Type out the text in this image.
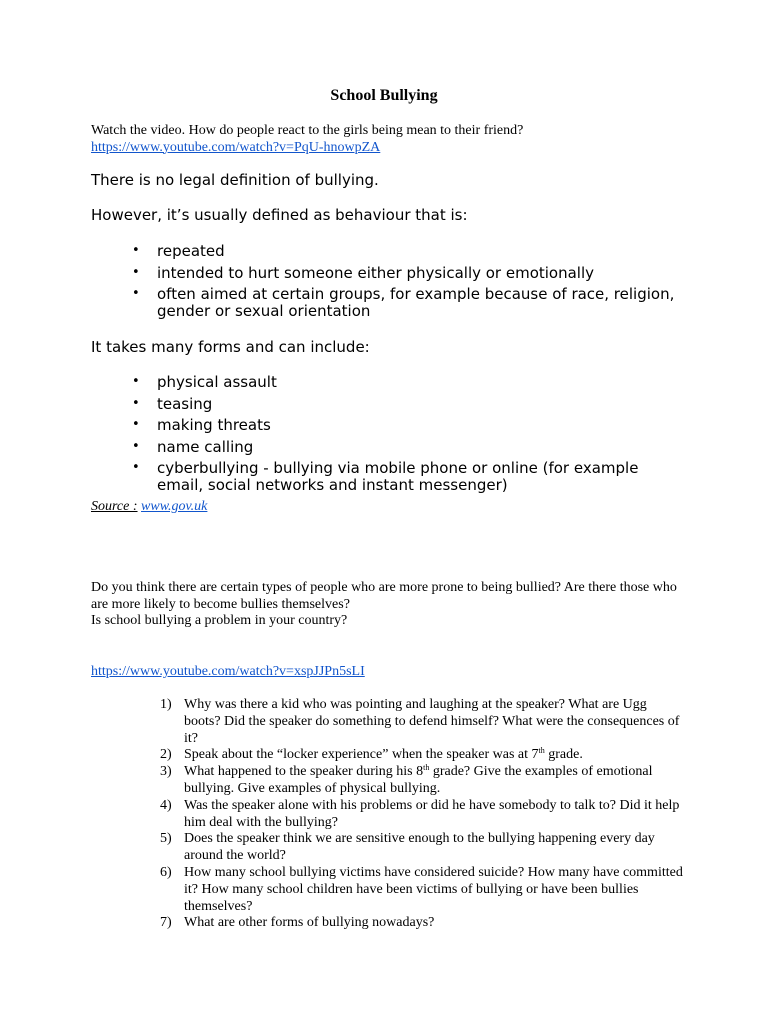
School Bullying

Watch the video. How do people react to the girls being mean to their friend?

https://www.youtube.com/watch?v=PqU-hnowpZA

There is no legal definition of bullying.

However, it’s usually defined as behaviour that is:

• repeated
• intended to hurt someone either physically or emotionally
• often aimed at certain groups, for example because of race, religion, gender or sexual orientation

It takes many forms and can include:

• physical assault
• teasing
• making threats
• name calling
• cyberbullying - bullying via mobile phone or online (for example email, social networks and instant messenger)
Source : www.gov.uk

Do you think there are certain types of people who are more prone to being bullied? Are there those who are more likely to become bullies themselves?

Is school bullying a problem in your country?

https://www.youtube.com/watch?v=xspJJPn5sLI

1) Why was there a kid who was pointing and laughing at the speaker? What are Ugg boots? Did the speaker do something to defend himself? What were the consequences of it?
2) Speak about the “locker experience” when the speaker was at 7th grade.
3) What happened to the speaker during his 8th grade? Give the examples of emotional bullying. Give examples of physical bullying.
4) Was the speaker alone with his problems or did he have somebody to talk to? Did it help him deal with the bullying?
5) Does the speaker think we are sensitive enough to the bullying happening every day around the world?
6) How many school bullying victims have considered suicide? How many have committed it? How many school children have been victims of bullying or have been bullies themselves?
7) What are other forms of bullying nowadays?
